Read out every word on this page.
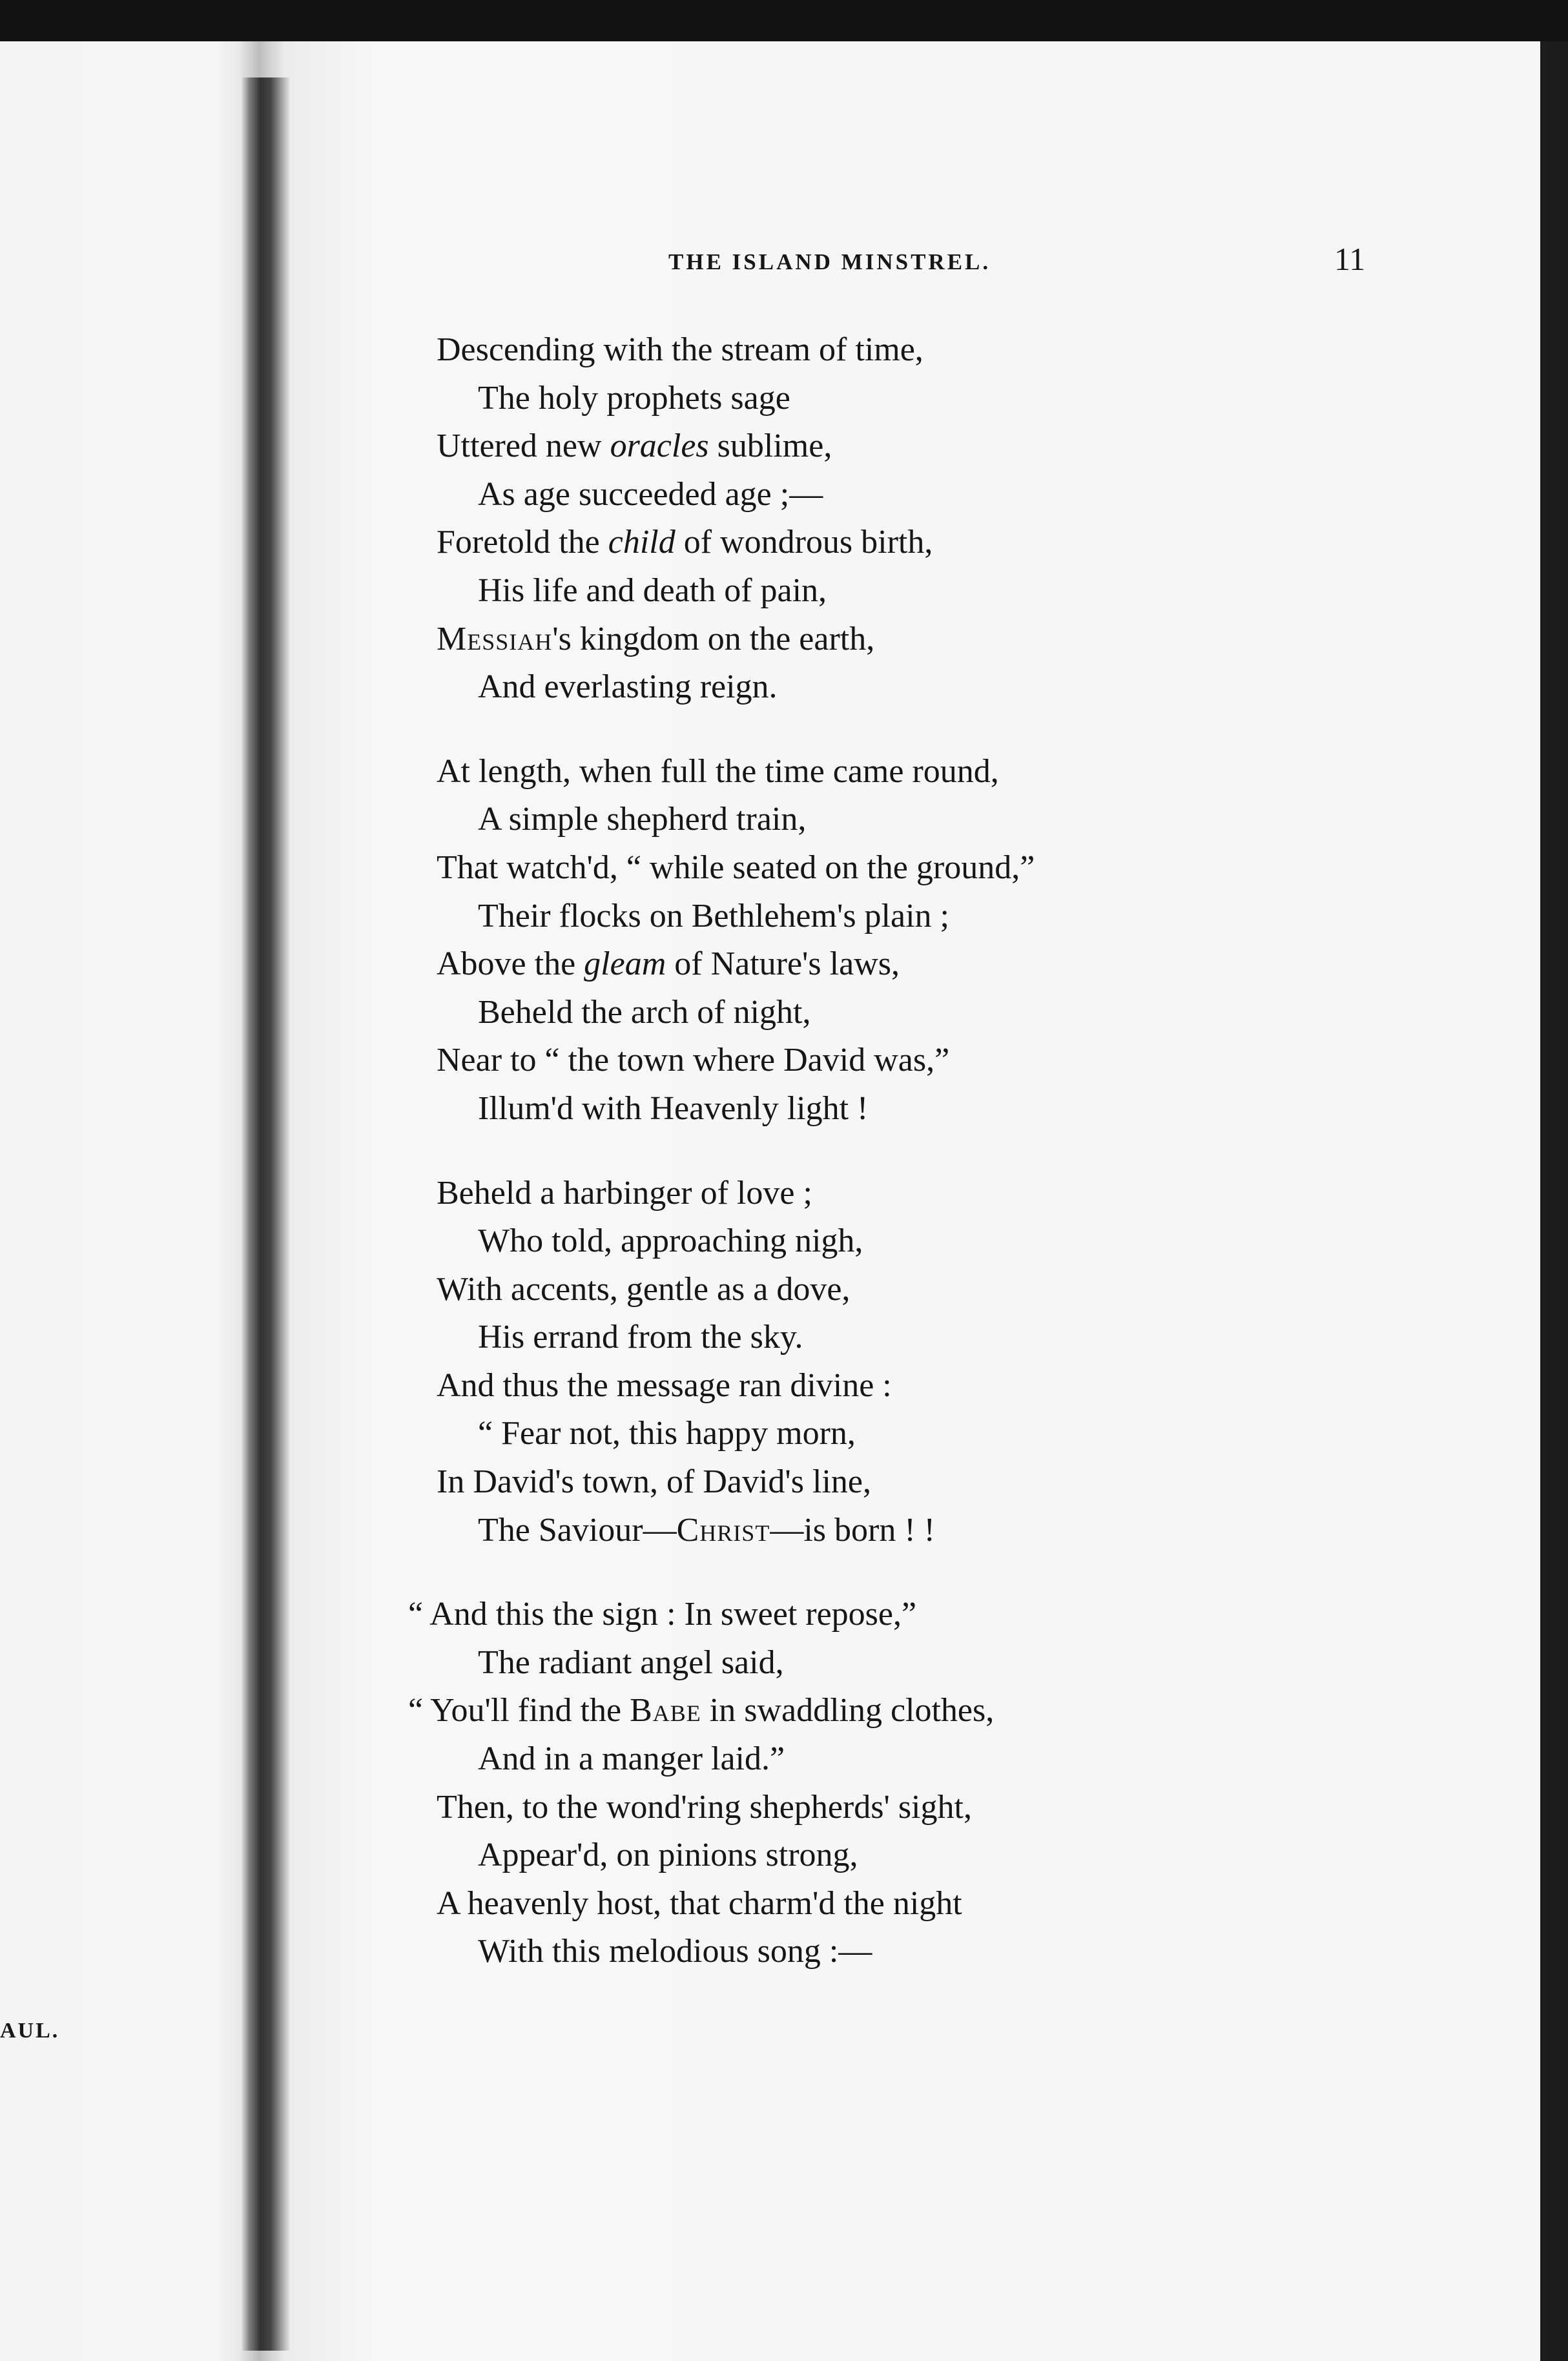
AUL.
THE ISLAND MINSTREL.	11
Descending with the stream of time,
The holy prophets sage
Uttered new oracles sublime,
As age succeeded age ;—
Foretold the child of wondrous birth,
His life and death of pain,
Messiah's kingdom on the earth,
And everlasting reign.
At length, when full the time came round,
A simple shepherd train,
That watch'd, “ while seated on the ground,”
Their flocks on Bethlehem's plain ;
Above the gleam of Nature's laws,
Beheld the arch of night,
Near to “ the town where David was,”
Illum'd with Heavenly light !
Beheld a harbinger of love ;
Who told, approaching nigh,
With accents, gentle as a dove,
His errand from the sky.
And thus the message ran divine :
“ Fear not, this happy morn,
In David's town, of David's line,
The Saviour—Christ—is born ! !
“ And this the sign : In sweet repose,”
The radiant angel said,
“ You'll find the Babe in swaddling clothes,
And in a manger laid.”
Then, to the wond'ring shepherds' sight,
Appear'd, on pinions strong,
A heavenly host, that charm'd the night
With this melodious song :—
